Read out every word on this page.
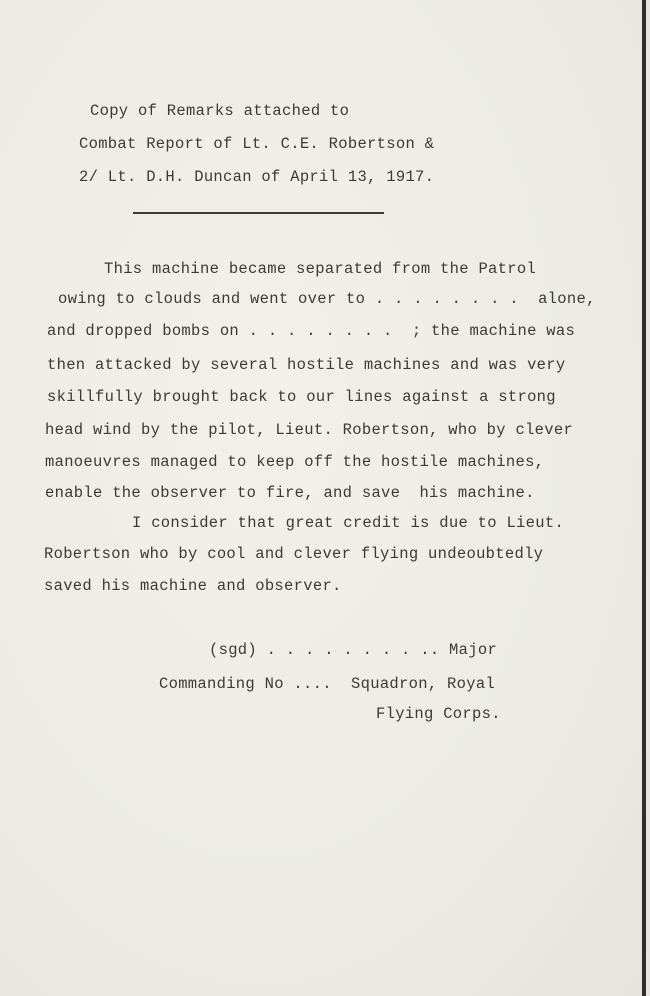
Copy of Remarks attached to

Combat Report of Lt. C.E. Robertson &

2/ Lt. D.H. Duncan of April 13, 1917.

This machine became separated from the Patrol

owing to clouds and went over to . . . . . . . .  alone,

and dropped bombs on . . . . . . . .  ; the machine was

then attacked by several hostile machines and was very

skillfully brought back to our lines against a strong

head wind by the pilot, Lieut. Robertson, who by clever

manoeuvres managed to keep off the hostile machines,

enable the observer to fire, and save  his machine.

I consider that great credit is due to Lieut.

Robertson who by cool and clever flying undeoubtedly

saved his machine and observer.

(sgd) . . . . . . . . .. Major

Commanding No ....  Squadron, Royal

Flying Corps.
